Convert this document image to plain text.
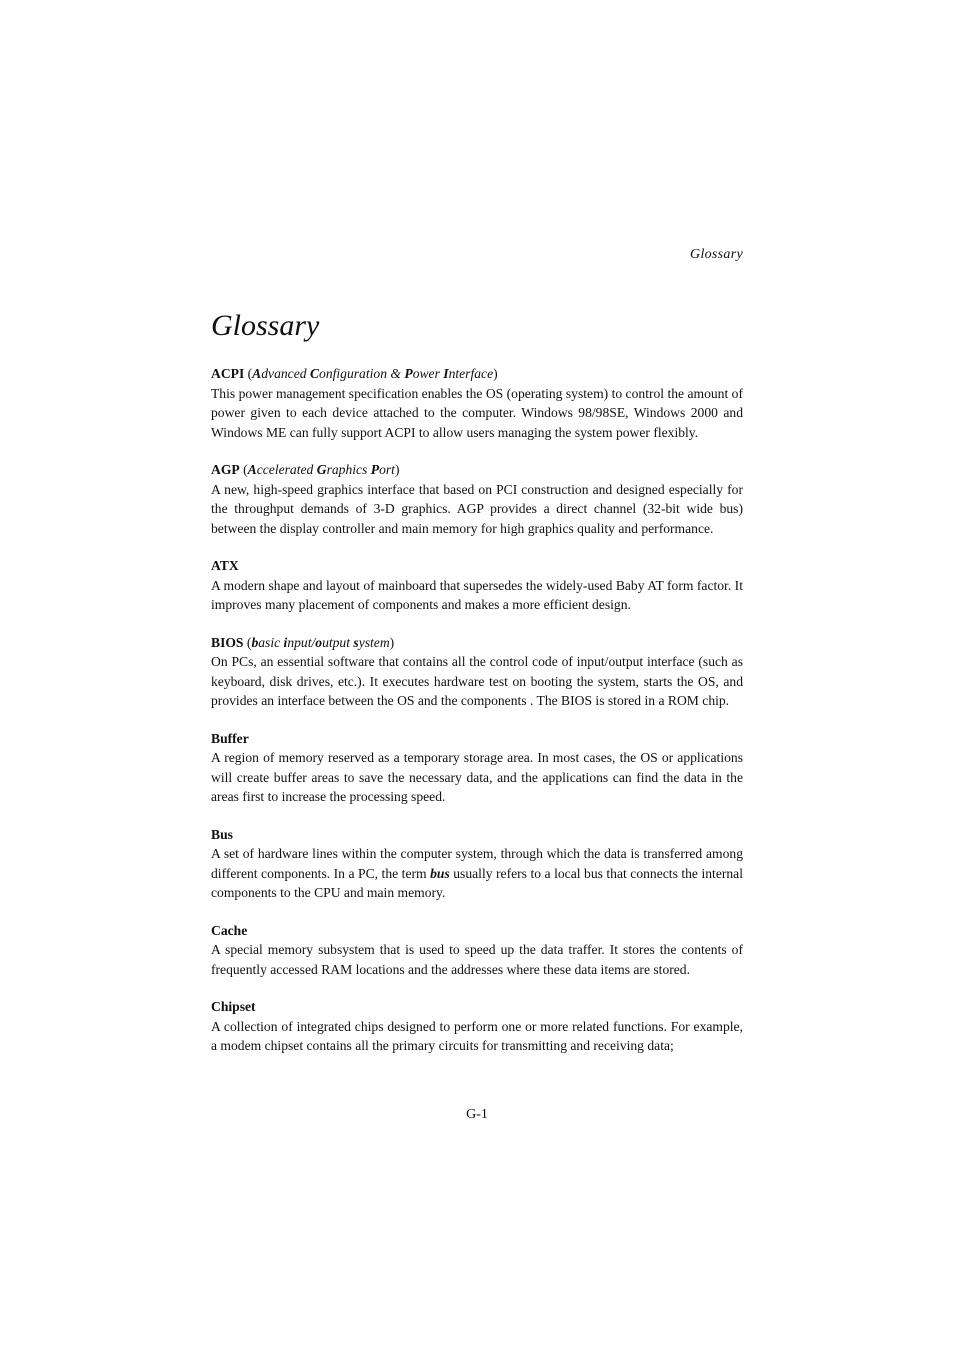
Glossary
Glossary

ACPI (Advanced Configuration & Power Interface)

This power management specification enables the OS (operating system) to control the amount of power given to each device attached to the computer. Windows 98/98SE, Windows 2000 and Windows ME can fully support ACPI to allow users managing the system power flexibly.

AGP (Accelerated Graphics Port)

A new, high-speed graphics interface that based on PCI construction and designed especially for the throughput demands of 3-D graphics. AGP provides a direct channel (32-bit wide bus) between the display controller and main memory for high graphics quality and performance.

ATX

A modern shape and layout of mainboard that supersedes the widely-used Baby AT form factor. It improves many placement of components and makes a more efficient design.

BIOS (basic input/output system)

On PCs, an essential software that contains all the control code of input/output interface (such as keyboard, disk drives, etc.). It executes hardware test on booting the system, starts the OS, and provides an interface between the OS and the components . The BIOS is stored in a ROM chip.

Buffer

A region of memory reserved as a temporary storage area. In most cases, the OS or applications will create buffer areas to save the necessary data, and the applications can find the data in the areas first to increase the processing speed.

Bus

A set of hardware lines within the computer system, through which the data is transferred among different components. In a PC, the term bus usually refers to a local bus that connects the internal components to the CPU and main memory.

Cache

A special memory subsystem that is used to speed up the data traffer. It stores the contents of frequently accessed RAM locations and the addresses where these data items are stored.

Chipset

A collection of integrated chips designed to perform one or more related functions. For example, a modem chipset contains all the primary circuits for transmitting and receiving data;

G-1
